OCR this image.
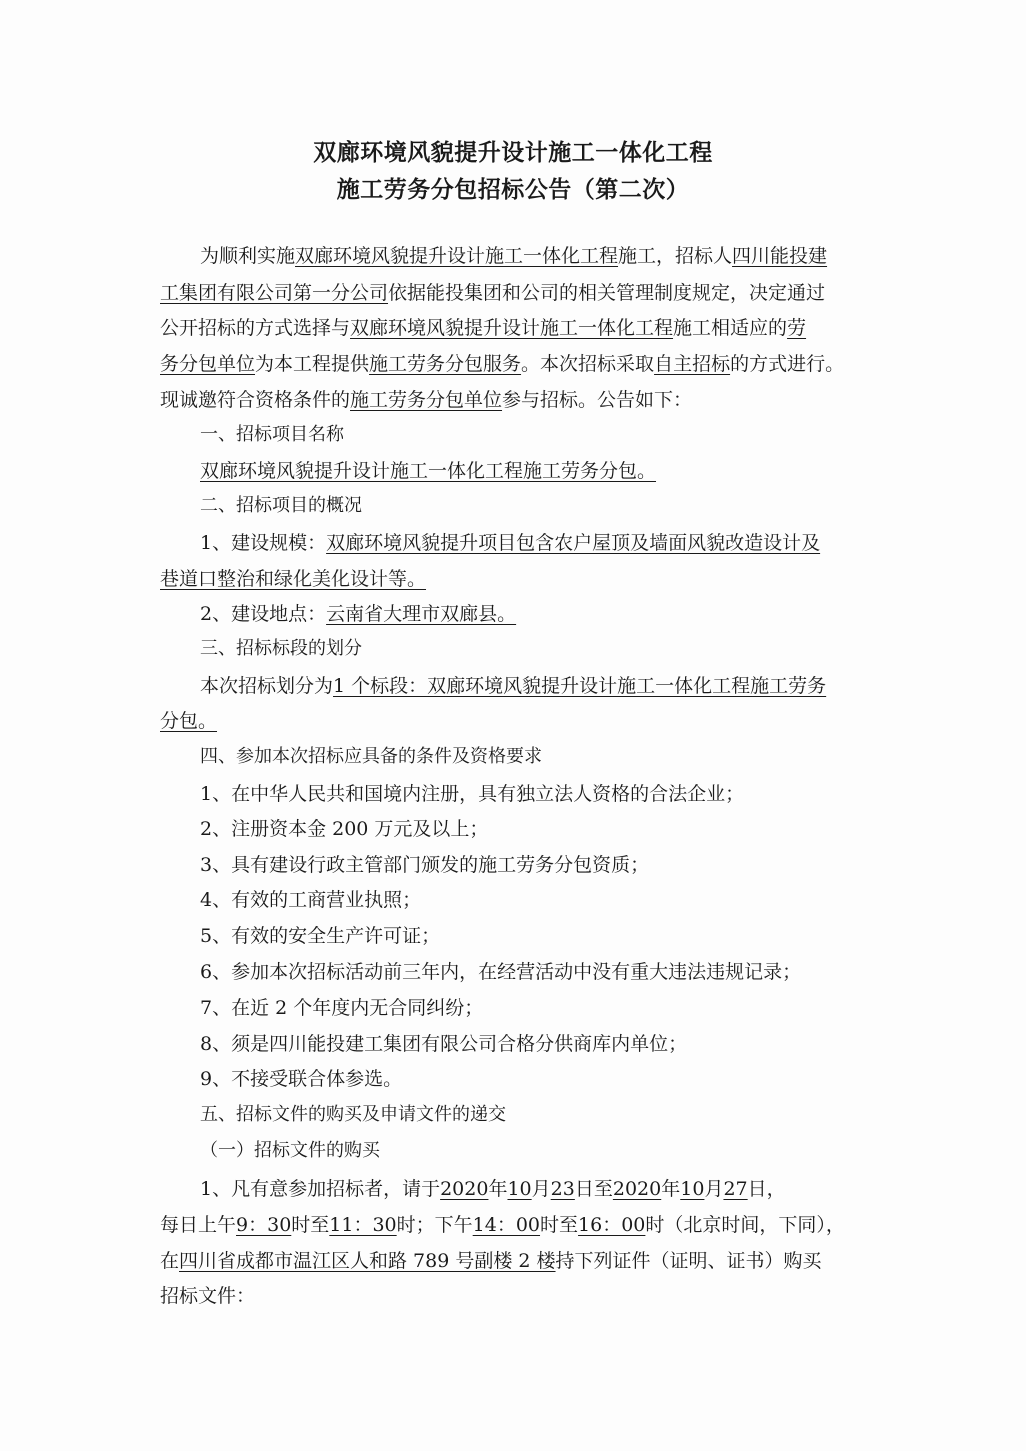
双廊环境风貌提升设计施工一体化工程
施工劳务分包招标公告（第二次）
为顺利实施双廊环境风貌提升设计施工一体化工程施工，招标人四川能投建
工集团有限公司第一分公司依据能投集团和公司的相关管理制度规定，决定通过
公开招标的方式选择与双廊环境风貌提升设计施工一体化工程施工相适应的劳
务分包单位为本工程提供施工劳务分包服务。本次招标采取自主招标的方式进行。
现诚邀符合资格条件的施工劳务分包单位参与招标。公告如下：
一、招标项目名称
双廊环境风貌提升设计施工一体化工程施工劳务分包。
二、招标项目的概况
1、建设规模：双廊环境风貌提升项目包含农户屋顶及墙面风貌改造设计及
巷道口整治和绿化美化设计等。
2、建设地点：云南省大理市双廊县。
三、招标标段的划分
本次招标划分为1 个标段：双廊环境风貌提升设计施工一体化工程施工劳务
分包。
四、参加本次招标应具备的条件及资格要求
1、在中华人民共和国境内注册，具有独立法人资格的合法企业；
2、注册资本金 200 万元及以上；
3、具有建设行政主管部门颁发的施工劳务分包资质；
4、有效的工商营业执照；
5、有效的安全生产许可证；
6、参加本次招标活动前三年内，在经营活动中没有重大违法违规记录；
7、在近 2 个年度内无合同纠纷；
8、须是四川能投建工集团有限公司合格分供商库内单位；
9、不接受联合体参选。
五、招标文件的购买及申请文件的递交
（一）招标文件的购买
1、凡有意参加招标者，请于2020年10月23日至2020年10月27日，
每日上午9：30时至11：30时；下午14：00时至16：00时（北京时间，下同），
在四川省成都市温江区人和路 789 号副楼 2 楼持下列证件（证明、证书）购买
招标文件：
